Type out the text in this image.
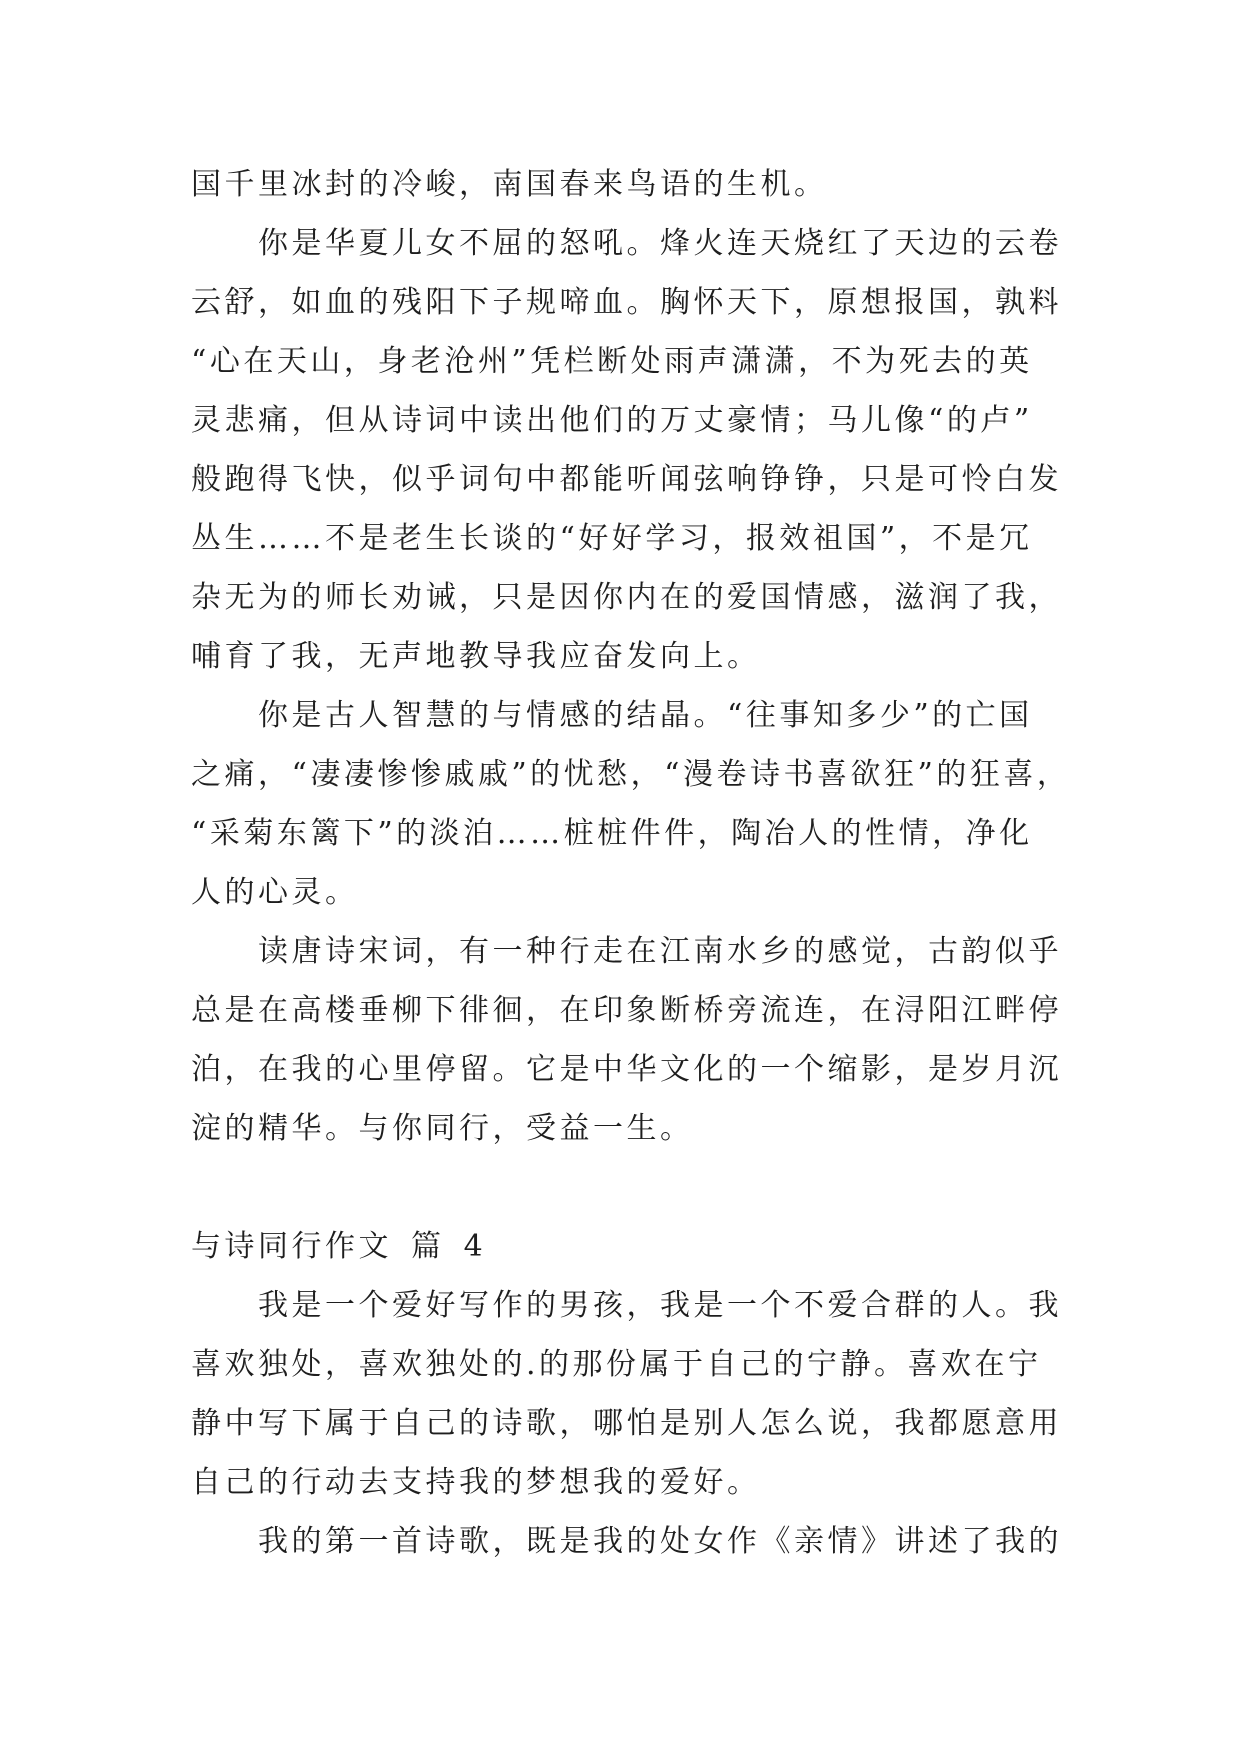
国千里冰封的冷峻，南国春来鸟语的生机。
你是华夏儿女不屈的怒吼。烽火连天烧红了天边的云卷
云舒，如血的残阳下子规啼血。胸怀天下，原想报国，孰料
“心在天山，身老沧州”凭栏断处雨声潇潇，不为死去的英
灵悲痛，但从诗词中读出他们的万丈豪情；马儿像“的卢”
般跑得飞快，似乎词句中都能听闻弦响铮铮，只是可怜白发
丛生……不是老生长谈的“好好学习，报效祖国”，不是冗
杂无为的师长劝诫，只是因你内在的爱国情感，滋润了我，
哺育了我，无声地教导我应奋发向上。
你是古人智慧的与情感的结晶。“往事知多少”的亡国
之痛，“凄凄惨惨戚戚”的忧愁，“漫卷诗书喜欲狂”的狂喜，
“采菊东篱下”的淡泊……桩桩件件，陶冶人的性情，净化
人的心灵。
读唐诗宋词，有一种行走在江南水乡的感觉，古韵似乎
总是在高楼垂柳下徘徊，在印象断桥旁流连，在浔阳江畔停
泊，在我的心里停留。它是中华文化的一个缩影，是岁月沉
淀的精华。与你同行，受益一生。
与诗同行作文 篇 4
我是一个爱好写作的男孩，我是一个不爱合群的人。我
喜欢独处，喜欢独处的.的那份属于自己的宁静。喜欢在宁
静中写下属于自己的诗歌，哪怕是别人怎么说，我都愿意用
自己的行动去支持我的梦想我的爱好。
我的第一首诗歌，既是我的处女作《亲情》讲述了我的
